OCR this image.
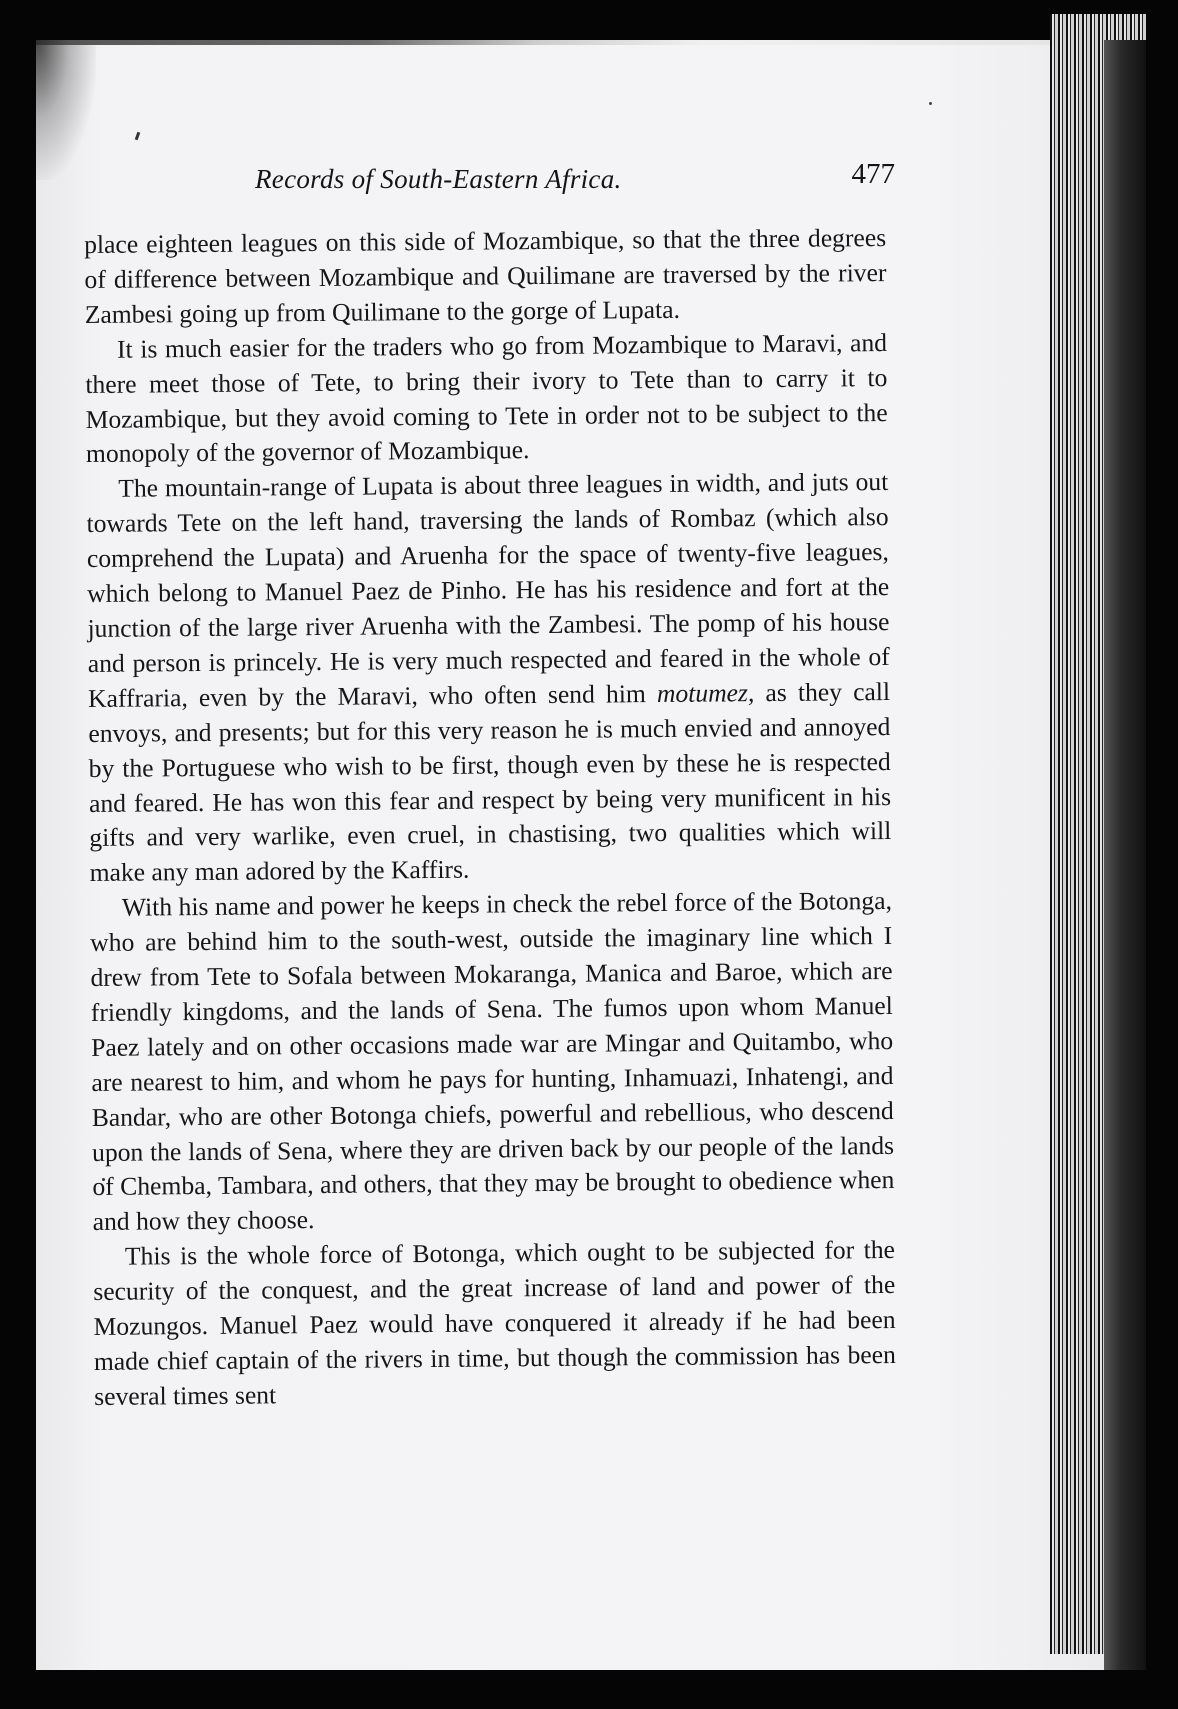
Records of South-Eastern Africa.	477

place eighteen leagues on this side of Mozambique, so that the three degrees of difference between Mozambique and Quilimane are traversed by the river Zambesi going up from Quilimane to the gorge of Lupata.

It is much easier for the traders who go from Mozambique to Maravi, and there meet those of Tete, to bring their ivory to Tete than to carry it to Mozambique, but they avoid coming to Tete in order not to be subject to the monopoly of the governor of Mozambique.

The mountain-range of Lupata is about three leagues in width, and juts out towards Tete on the left hand, traversing the lands of Rombaz (which also comprehend the Lupata) and Aruenha for the space of twenty-five leagues, which belong to Manuel Paez de Pinho. He has his residence and fort at the junction of the large river Aruenha with the Zambesi. The pomp of his house and person is princely. He is very much respected and feared in the whole of Kaffraria, even by the Maravi, who often send him motumez, as they call envoys, and presents; but for this very reason he is much envied and annoyed by the Portuguese who wish to be first, though even by these he is respected and feared. He has won this fear and respect by being very munificent in his gifts and very warlike, even cruel, in chastising, two qualities which will make any man adored by the Kaffirs.

With his name and power he keeps in check the rebel force of the Botonga, who are behind him to the south-west, outside the imaginary line which I drew from Tete to Sofala between Mokaranga, Manica and Baroe, which are friendly kingdoms, and the lands of Sena. The fumos upon whom Manuel Paez lately and on other occasions made war are Mingar and Quitambo, who are nearest to him, and whom he pays for hunting, Inhamuazi, Inhatengi, and Bandar, who are other Botonga chiefs, powerful and rebellious, who descend upon the lands of Sena, where they are driven back by our people of the lands of Chemba, Tambara, and others, that they may be brought to obedience when and how they choose.

This is the whole force of Botonga, which ought to be subjected for the security of the conquest, and the great increase of land and power of the Mozungos. Manuel Paez would have conquered it already if he had been made chief captain of the rivers in time, but though the commission has been several times sent
